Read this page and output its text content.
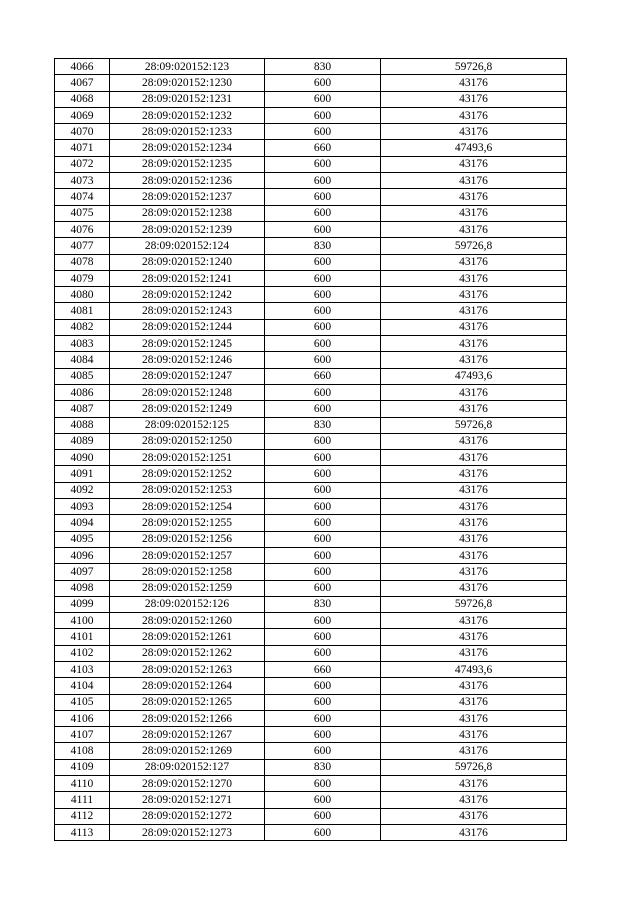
4066	28:09:020152:123	830	59726,8
4067	28:09:020152:1230	600	43176
4068	28:09:020152:1231	600	43176
4069	28:09:020152:1232	600	43176
4070	28:09:020152:1233	600	43176
4071	28:09:020152:1234	660	47493,6
4072	28:09:020152:1235	600	43176
4073	28:09:020152:1236	600	43176
4074	28:09:020152:1237	600	43176
4075	28:09:020152:1238	600	43176
4076	28:09:020152:1239	600	43176
4077	28:09:020152:124	830	59726,8
4078	28:09:020152:1240	600	43176
4079	28:09:020152:1241	600	43176
4080	28:09:020152:1242	600	43176
4081	28:09:020152:1243	600	43176
4082	28:09:020152:1244	600	43176
4083	28:09:020152:1245	600	43176
4084	28:09:020152:1246	600	43176
4085	28:09:020152:1247	660	47493,6
4086	28:09:020152:1248	600	43176
4087	28:09:020152:1249	600	43176
4088	28:09:020152:125	830	59726,8
4089	28:09:020152:1250	600	43176
4090	28:09:020152:1251	600	43176
4091	28:09:020152:1252	600	43176
4092	28:09:020152:1253	600	43176
4093	28:09:020152:1254	600	43176
4094	28:09:020152:1255	600	43176
4095	28:09:020152:1256	600	43176
4096	28:09:020152:1257	600	43176
4097	28:09:020152:1258	600	43176
4098	28:09:020152:1259	600	43176
4099	28:09:020152:126	830	59726,8
4100	28:09:020152:1260	600	43176
4101	28:09:020152:1261	600	43176
4102	28:09:020152:1262	600	43176
4103	28:09:020152:1263	660	47493,6
4104	28:09:020152:1264	600	43176
4105	28:09:020152:1265	600	43176
4106	28:09:020152:1266	600	43176
4107	28:09:020152:1267	600	43176
4108	28:09:020152:1269	600	43176
4109	28:09:020152:127	830	59726,8
4110	28:09:020152:1270	600	43176
4111	28:09:020152:1271	600	43176
4112	28:09:020152:1272	600	43176
4113	28:09:020152:1273	600	43176
